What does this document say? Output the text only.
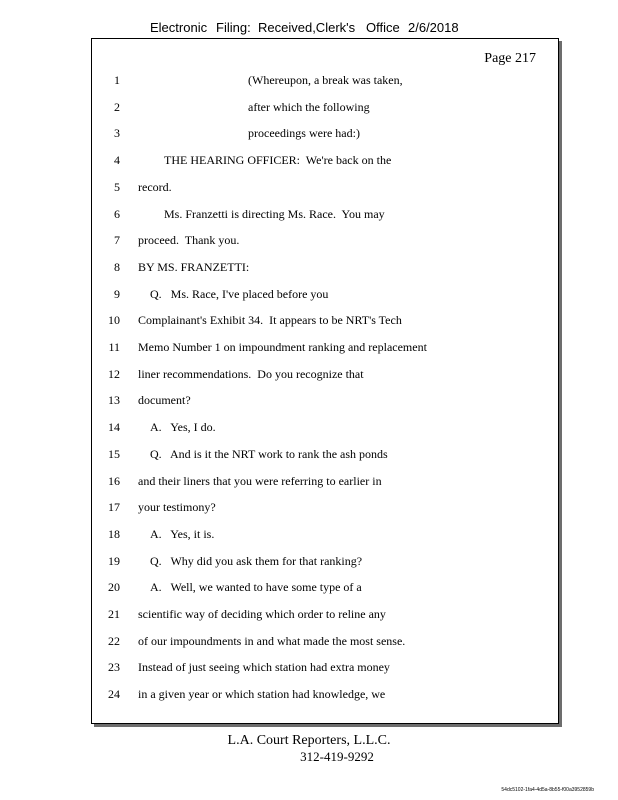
Electronic Filing: Received,Clerk's Office 2/6/2018
Page 217
1	(Whereupon, a break was taken,
2	after which the following
3	proceedings were had:)
4	THE HEARING OFFICER:  We're back on the
5 record.
6	Ms. Franzetti is directing Ms. Race.  You may
7 proceed.  Thank you.
8 BY MS. FRANZETTI:
9	Q.   Ms. Race, I've placed before you
10 Complainant's Exhibit 34.  It appears to be NRT's Tech
11 Memo Number 1 on impoundment ranking and replacement
12 liner recommendations.  Do you recognize that
13 document?
14	A.   Yes, I do.
15	Q.   And is it the NRT work to rank the ash ponds
16 and their liners that you were referring to earlier in
17 your testimony?
18	A.   Yes, it is.
19	Q.   Why did you ask them for that ranking?
20	A.   Well, we wanted to have some type of a
21 scientific way of deciding which order to reline any
22 of our impoundments in and what made the most sense.
23 Instead of just seeing which station had extra money
24 in a given year or which station had knowledge, we
L.A. Court Reporters, L.L.C.
312-419-9292
54dc5102-1fa4-4d5a-8b55-f00a3952859b
